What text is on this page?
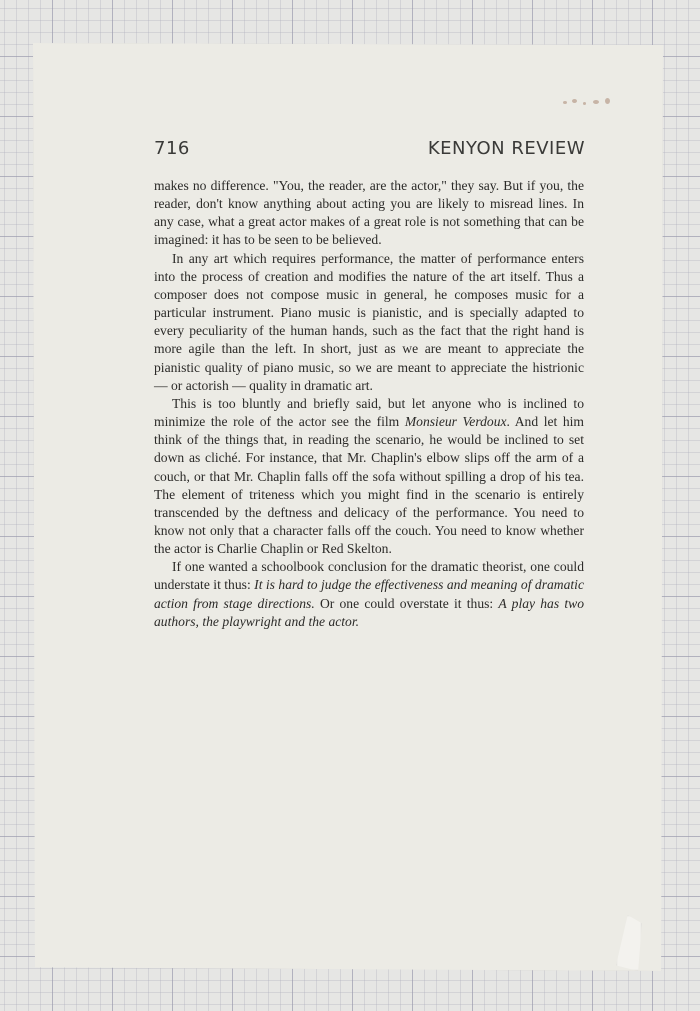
716	KENYON REVIEW

makes no difference. "You, the reader, are the actor," they say. But if you, the reader, don't know anything about acting you are likely to misread lines. In any case, what a great actor makes of a great role is not something that can be imagined: it has to be seen to be believed.

In any art which requires performance, the matter of performance enters into the process of creation and modifies the nature of the art itself. Thus a composer does not compose music in general, he composes music for a particular instrument. Piano music is pianistic, and is specially adapted to every peculiarity of the human hands, such as the fact that the right hand is more agile than the left. In short, just as we are meant to appreciate the pianistic quality of piano music, so we are meant to appreciate the histrionic — or actorish — quality in dramatic art.

This is too bluntly and briefly said, but let anyone who is inclined to minimize the role of the actor see the film Monsieur Verdoux. And let him think of the things that, in reading the scenario, he would be inclined to set down as cliché. For instance, that Mr. Chaplin's elbow slips off the arm of a couch, or that Mr. Chaplin falls off the sofa without spilling a drop of his tea. The element of triteness which you might find in the scenario is entirely transcended by the deftness and delicacy of the performance. You need to know not only that a character falls off the couch. You need to know whether the actor is Charlie Chaplin or Red Skelton.

If one wanted a schoolbook conclusion for the dramatic theorist, one could understate it thus: It is hard to judge the effectiveness and meaning of dramatic action from stage directions. Or one could overstate it thus: A play has two authors, the playwright and the actor.
